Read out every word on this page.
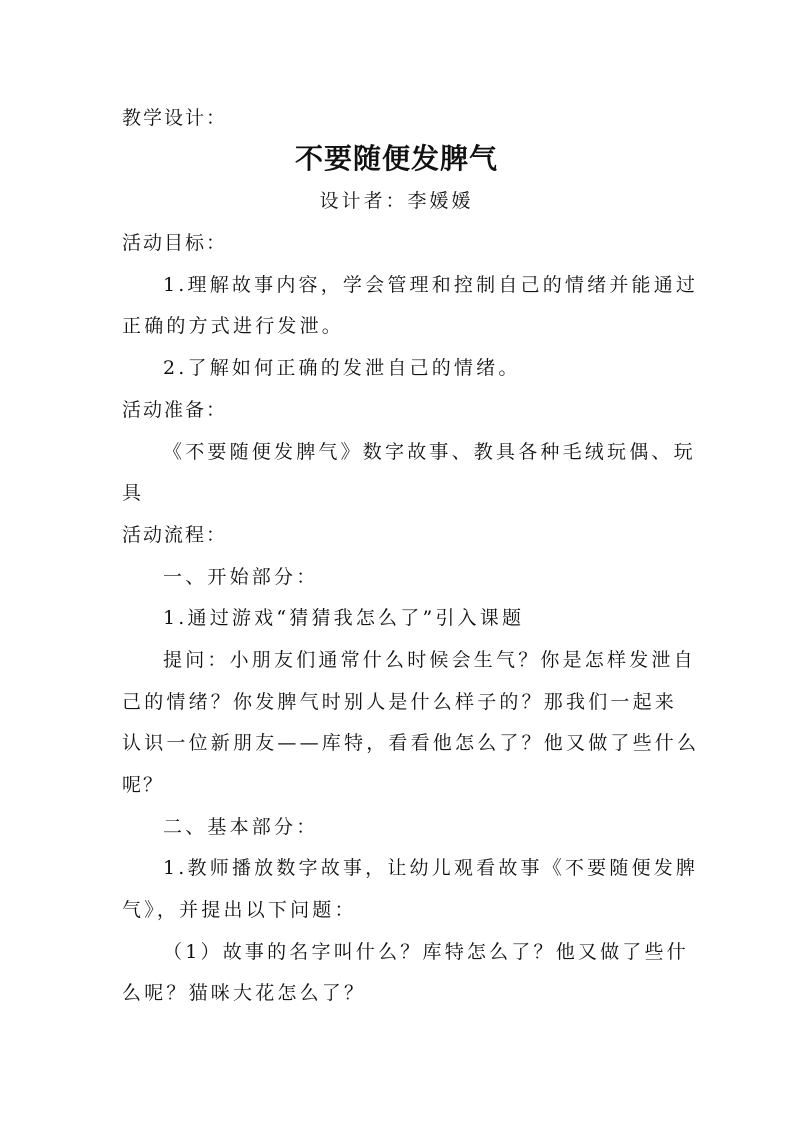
教学设计：
不要随便发脾气
设计者：李媛媛
活动目标：
1.理解故事内容，学会管理和控制自己的情绪并能通过
正确的方式进行发泄。
2.了解如何正确的发泄自己的情绪。
活动准备：
《不要随便发脾气》数字故事、教具各种毛绒玩偶、玩
具
活动流程：
一、开始部分：
1.通过游戏“猜猜我怎么了”引入课题
提问：小朋友们通常什么时候会生气？你是怎样发泄自
己的情绪？你发脾气时别人是什么样子的？那我们一起来
认识一位新朋友——库特，看看他怎么了？他又做了些什么
呢？
二、基本部分：
1.教师播放数字故事，让幼儿观看故事《不要随便发脾
气》，并提出以下问题：
（1）故事的名字叫什么？库特怎么了？他又做了些什
么呢？猫咪大花怎么了？
